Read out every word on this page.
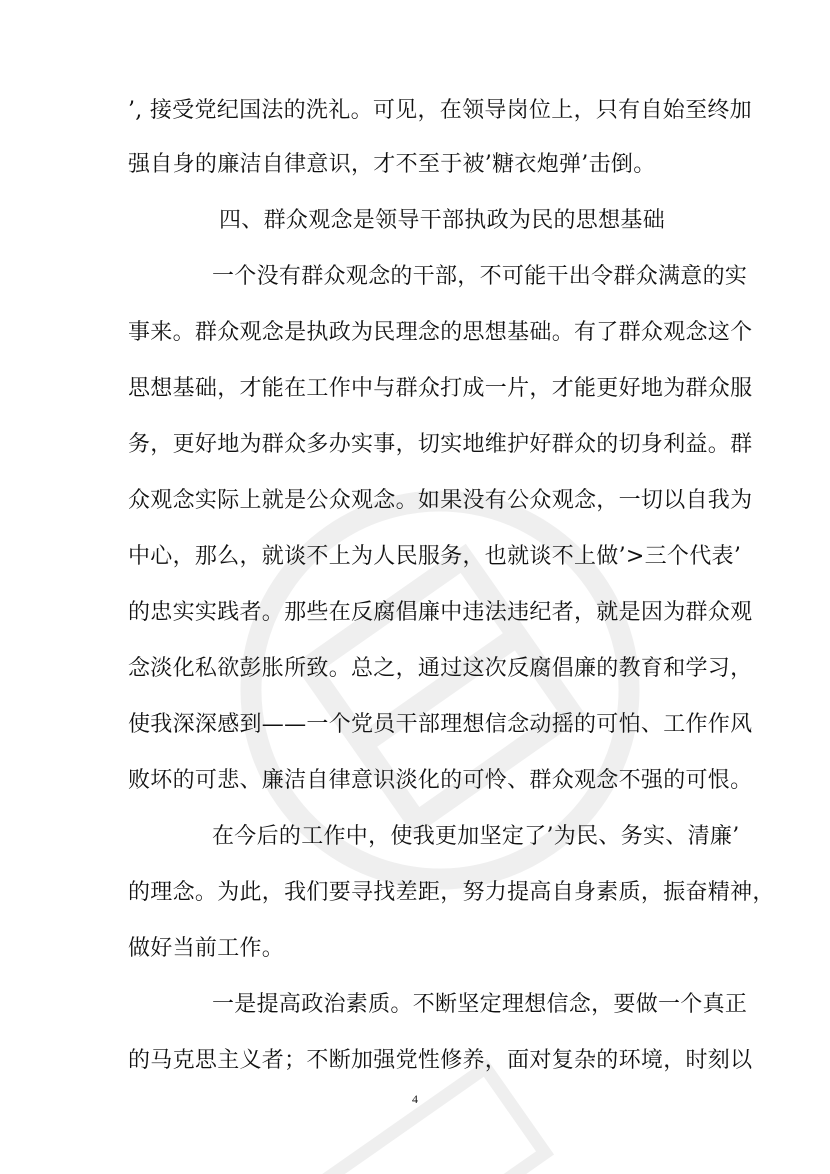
’, 接受党纪国法的洗礼。可见，在领导岗位上，只有自始至终加
强自身的廉洁自律意识，才不至于被’糖衣炮弹’击倒。
四、群众观念是领导干部执政为民的思想基础
一个没有群众观念的干部，不可能干出令群众满意的实
事来。群众观念是执政为民理念的思想基础。有了群众观念这个
思想基础，才能在工作中与群众打成一片，才能更好地为群众服
务，更好地为群众多办实事，切实地维护好群众的切身利益。群
众观念实际上就是公众观念。如果没有公众观念，一切以自我为
中心，那么，就谈不上为人民服务，也就谈不上做’>三个代表’
的忠实实践者。那些在反腐倡廉中违法违纪者，就是因为群众观
念淡化私欲彭胀所致。总之，通过这次反腐倡廉的教育和学习，
使我深深感到——一个党员干部理想信念动摇的可怕、工作作风
败坏的可悲、廉洁自律意识淡化的可怜、群众观念不强的可恨。
在今后的工作中，使我更加坚定了’为民、务实、清廉’
的理念。为此，我们要寻找差距，努力提高自身素质，振奋精神，
做好当前工作。
一是提高政治素质。不断坚定理想信念，要做一个真正
的马克思主义者；不断加强党性修养，面对复杂的环境，时刻以
4
